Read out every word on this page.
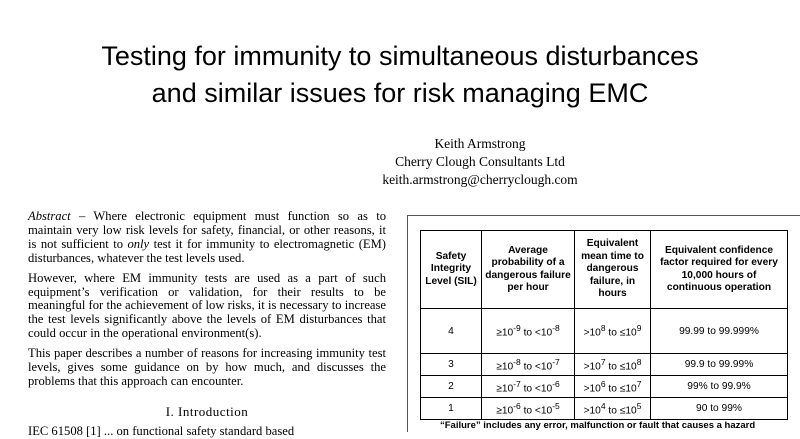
Testing for immunity to simultaneous disturbances
and similar issues for risk managing EMC
Keith Armstrong
Cherry Clough Consultants Ltd
keith.armstrong@cherryclough.com

Abstract – Where electronic equipment must function so as to maintain very low risk levels for safety, financial, or other reasons, it is not sufficient to only test it for immunity to electromagnetic (EM) disturbances, whatever the test levels used.

However, where EM immunity tests are used as a part of such equipment’s verification or validation, for their results to be meaningful for the achievement of low risks, it is necessary to increase the test levels significantly above the levels of EM disturbances that could occur in the operational environment(s).

This paper describes a number of reasons for increasing immunity test levels, gives some guidance on by how much, and discusses the problems that this approach can encounter.

I. Introduction
IEC 61508 [1] ... on functional safety standard based
Safety Integrity Level (SIL)	Average probability of a dangerous failure per hour	Equivalent mean time to dangerous failure, in hours	Equivalent confidence factor required for every 10,000 hours of continuous operation
4	$\ge 10^{-9}$ to $<10^{-8}$	$>10^8$ to $\le 10^9$	99.99 to 99.999%
3	$\ge 10^{-8}$ to $<10^{-7}$	$>10^7$ to $\le 10^8$	99.9 to 99.99%
2	$\ge 10^{-7}$ to $<10^{-6}$	$>10^6$ to $\le 10^7$	99% to 99.9%
1	$\ge 10^{-6}$ to $<10^{-5}$	$>10^4$ to $\le 10^5$	90 to 99%
“Failure” includes any error, malfunction or fault that causes a hazard
